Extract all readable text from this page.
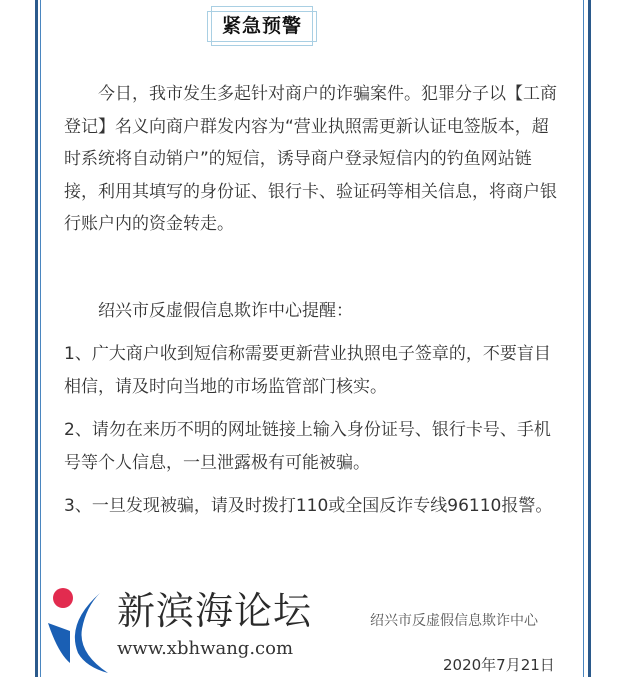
紧急预警
今日，我市发生多起针对商户的诈骗案件。犯罪分子以【工商登记】名义向商户群发内容为“营业执照需更新认证电签版本，超时系统将自动销户”的短信，诱导商户登录短信内的钓鱼网站链接，利用其填写的身份证、银行卡、验证码等相关信息，将商户银行账户内的资金转走。
绍兴市反虚假信息欺诈中心提醒：
1、广大商户收到短信称需要更新营业执照电子签章的，不要盲目相信，请及时向当地的市场监管部门核实。
2、请勿在来历不明的网址链接上输入身份证号、银行卡号、手机号等个人信息，一旦泄露极有可能被骗。
3、一旦发现被骗，请及时拨打110或全国反诈专线96110报警。
新滨海论坛
www.xbhwang.com
绍兴市反虚假信息欺诈中心
2020年7月21日
